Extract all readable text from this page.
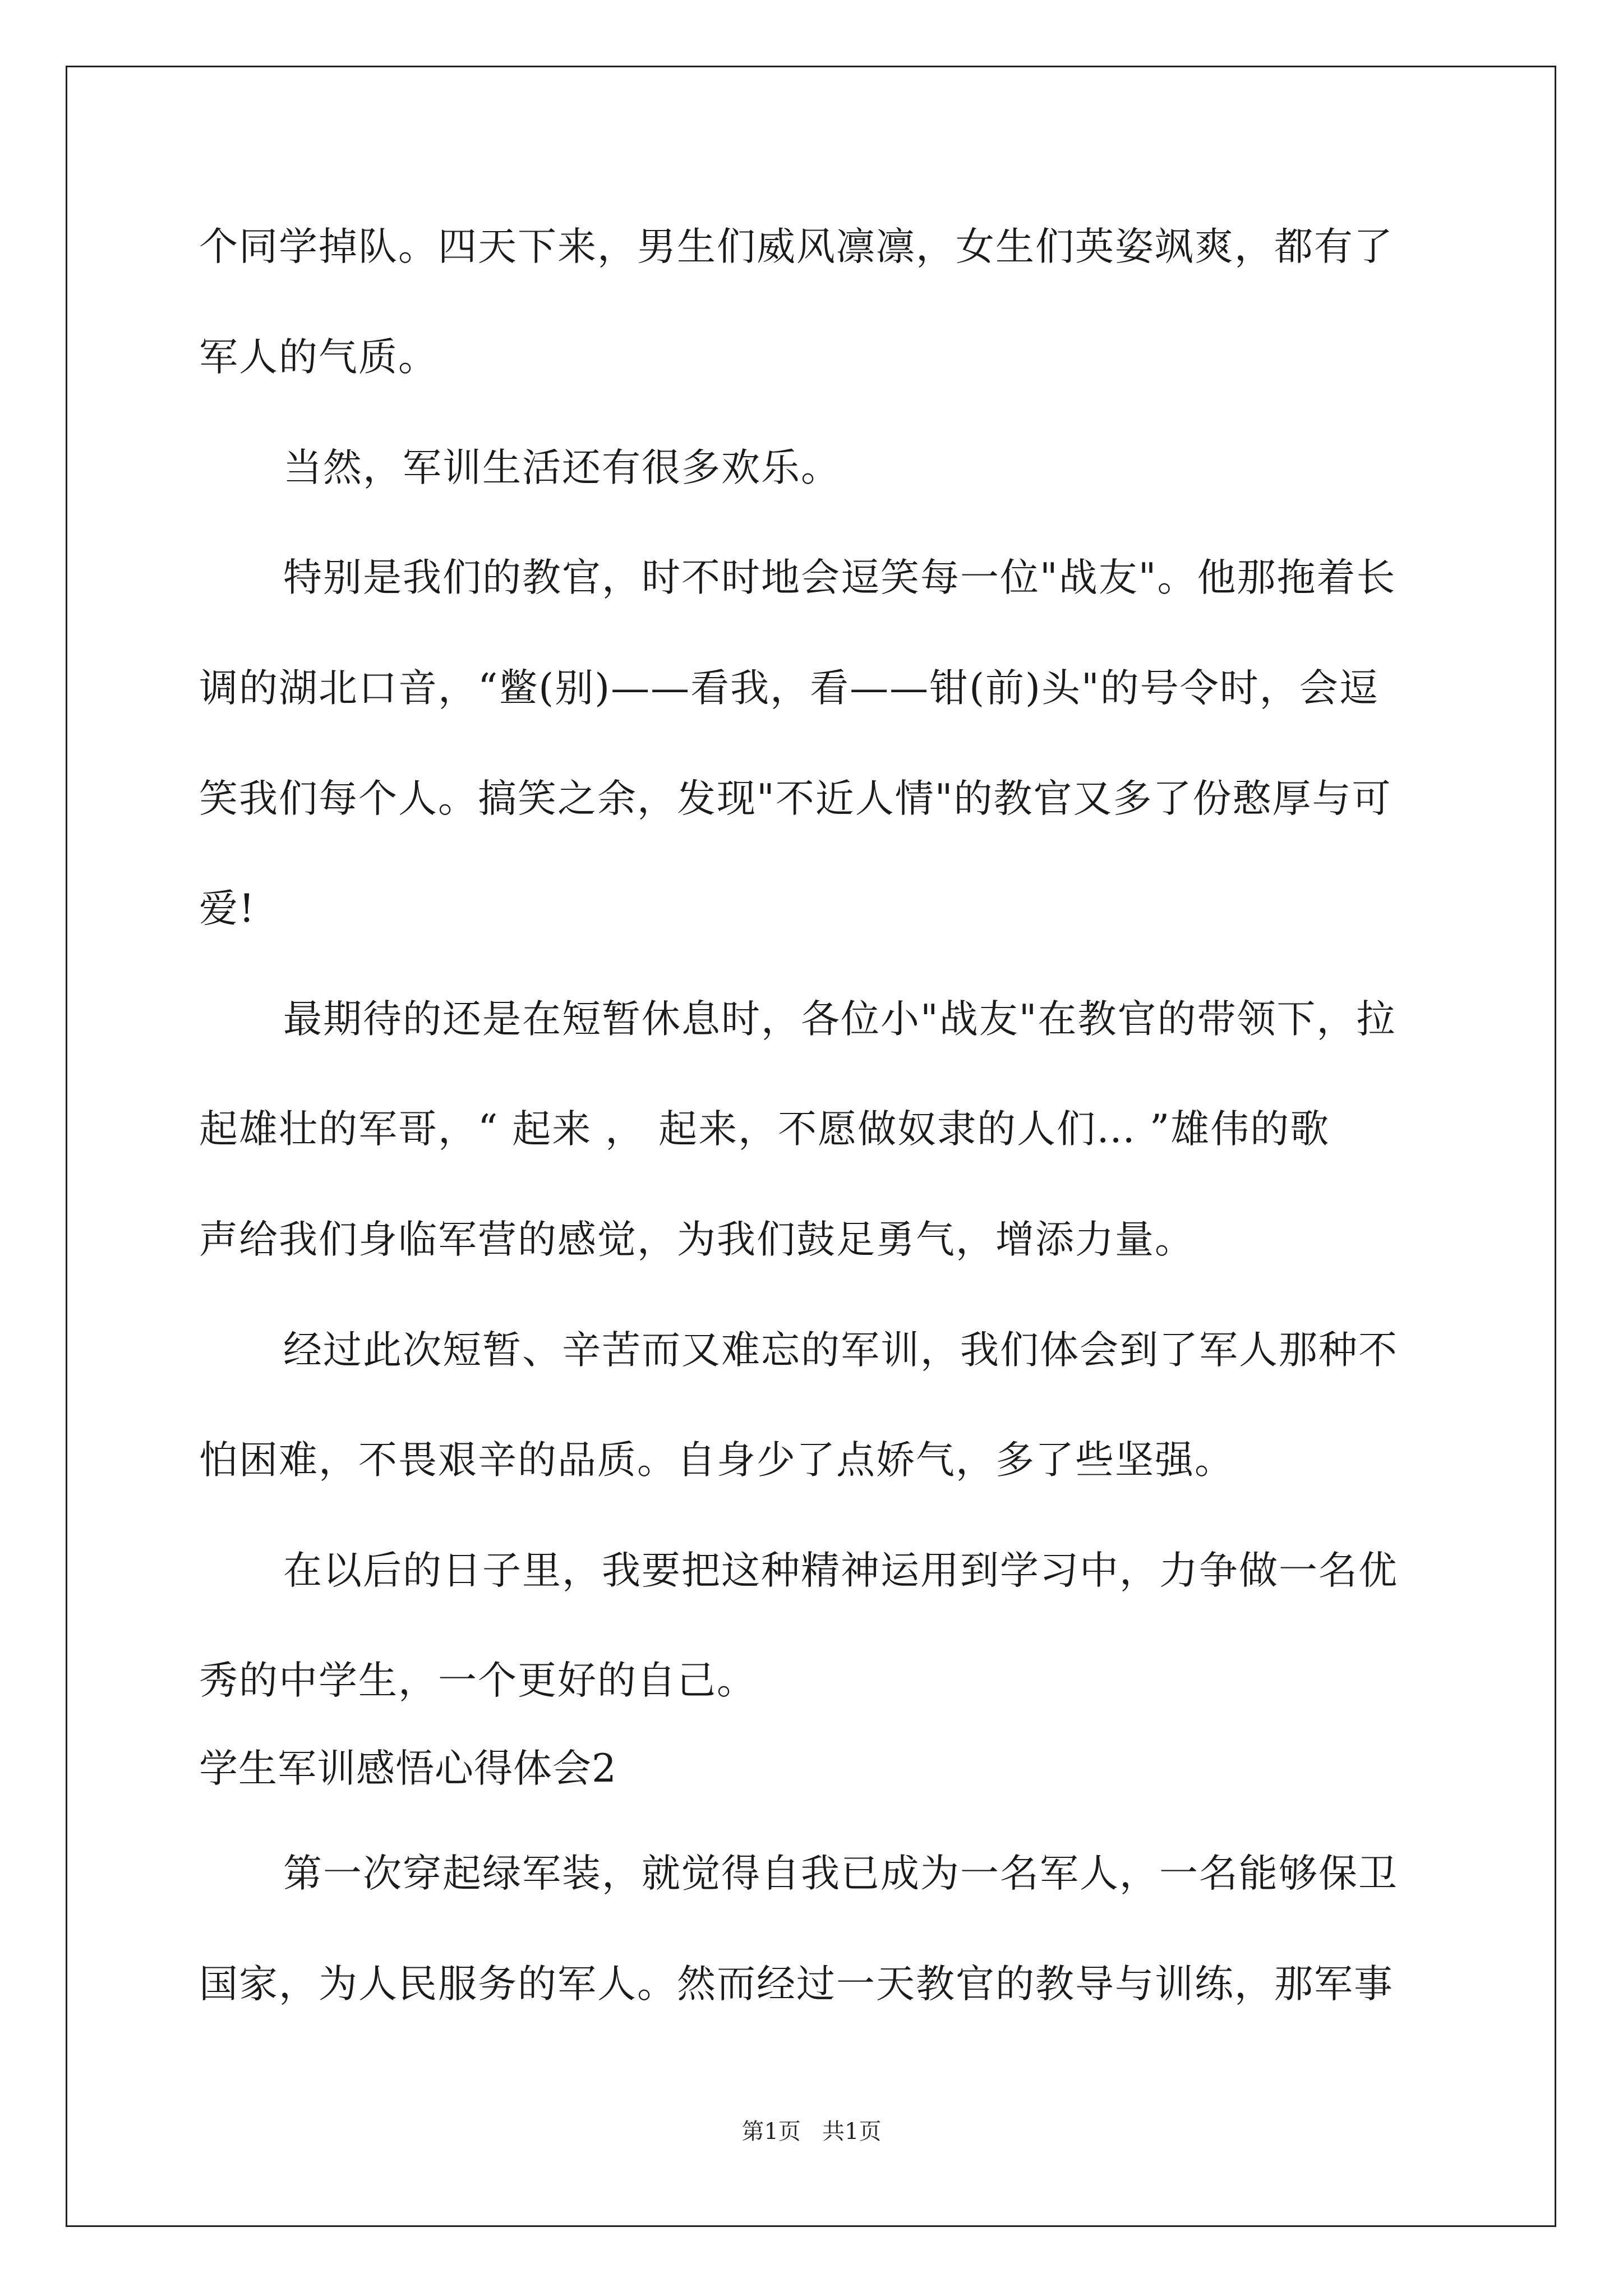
个同学掉队。四天下来，男生们威风凛凛，女生们英姿飒爽，都有了
军人的气质。
当然，军训生活还有很多欢乐。
特别是我们的教官，时不时地会逗笑每一位"战友"。他那拖着长
调的湖北口音，“鳖(别)——看我，看——钳(前)头"的号令时，会逗
笑我们每个人。搞笑之余，发现"不近人情"的教官又多了份憨厚与可
爱!
最期待的还是在短暂休息时，各位小"战友"在教官的带领下，拉
起雄壮的军哥，“ 起来 ， 起来，不愿做奴隶的人们… ”雄伟的歌
声给我们身临军营的感觉，为我们鼓足勇气，增添力量。
经过此次短暂、辛苦而又难忘的军训，我们体会到了军人那种不
怕困难，不畏艰辛的品质。自身少了点娇气，多了些坚强。
在以后的日子里，我要把这种精神运用到学习中，力争做一名优
秀的中学生，一个更好的自己。
学生军训感悟心得体会2
第一次穿起绿军装，就觉得自我已成为一名军人，一名能够保卫
国家，为人民服务的军人。然而经过一天教官的教导与训练，那军事
第1页   共1页
